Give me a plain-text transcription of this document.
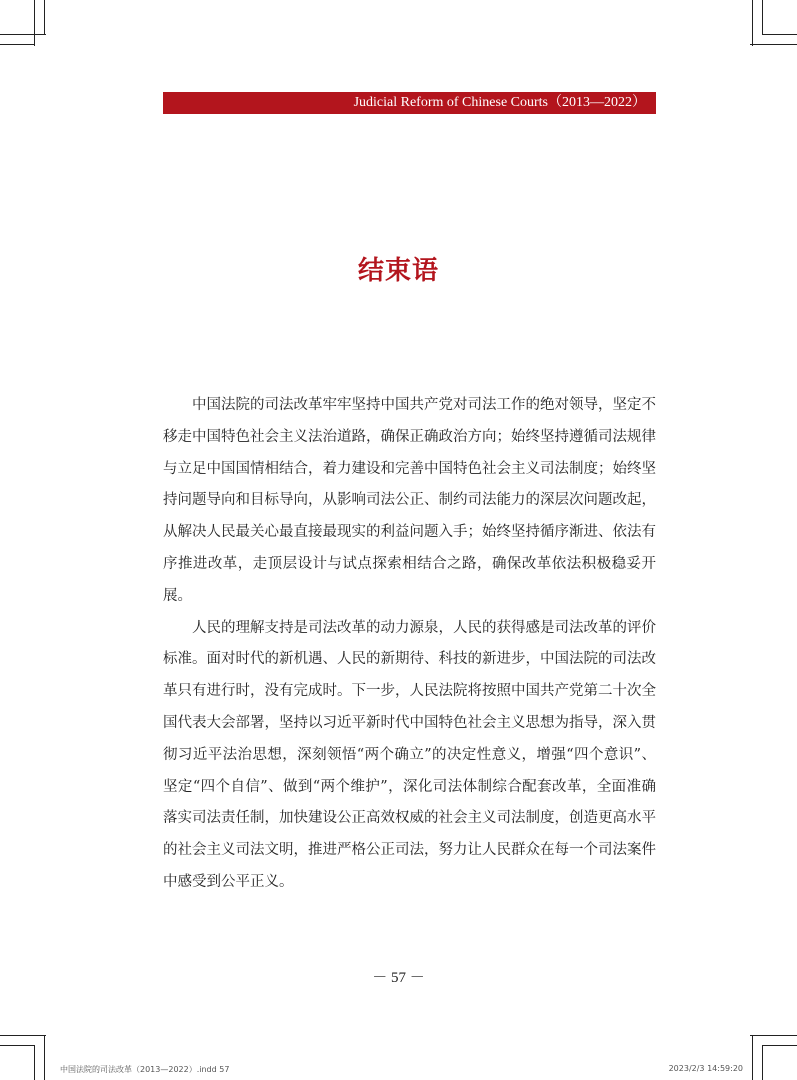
Judicial Reform of Chinese Courts（2013—2022）
结束语

中国法院的司法改革牢牢坚持中国共产党对司法工作的绝对领导，坚定不移走中国特色社会主义法治道路，确保正确政治方向；始终坚持遵循司法规律与立足中国国情相结合，着力建设和完善中国特色社会主义司法制度；始终坚持问题导向和目标导向，从影响司法公正、制约司法能力的深层次问题改起，从解决人民最关心最直接最现实的利益问题入手；始终坚持循序渐进、依法有序推进改革，走顶层设计与试点探索相结合之路，确保改革依法积极稳妥开展。

人民的理解支持是司法改革的动力源泉，人民的获得感是司法改革的评价标准。面对时代的新机遇、人民的新期待、科技的新进步，中国法院的司法改革只有进行时，没有完成时。下一步，人民法院将按照中国共产党第二十次全国代表大会部署，坚持以习近平新时代中国特色社会主义思想为指导，深入贯彻习近平法治思想，深刻领悟“两个确立”的决定性意义，增强“四个意识”、坚定“四个自信”、做到“两个维护”，深化司法体制综合配套改革，全面准确落实司法责任制，加快建设公正高效权威的社会主义司法制度，创造更高水平的社会主义司法文明，推进严格公正司法，努力让人民群众在每一个司法案件中感受到公平正义。

－ 57 －
中国法院的司法改革（2013—2022）.indd 57	2023/2/3 14:59:20
